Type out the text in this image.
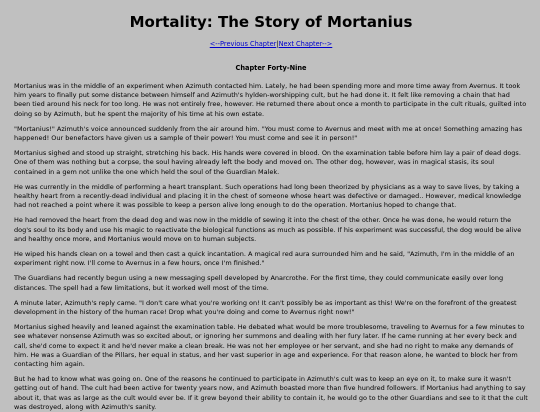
Mortality: The Story of Mortanius
<--Previous Chapter|Next Chapter-->
Chapter Forty-Nine

Mortanius was in the middle of an experiment when Azimuth contacted him. Lately, he had been spending more and more time away from Avernus. It took him years to finally put some distance between himself and Azimuth's hylden-worshipping cult, but he had done it. It felt like removing a chain that had been tied around his neck for too long. He was not entirely free, however. He returned there about once a month to participate in the cult rituals, guilted into doing so by Azimuth, but he spent the majority of his time at his own estate.

"Mortanius!" Azimuth's voice announced suddenly from the air around him. "You must come to Avernus and meet with me at once! Something amazing has happened! Our benefactors have given us a sample of their power! You must come and see it in person!"

Mortanius sighed and stood up straight, stretching his back. His hands were covered in blood. On the examination table before him lay a pair of dead dogs. One of them was nothing but a corpse, the soul having already left the body and moved on. The other dog, however, was in magical stasis, its soul contained in a gem not unlike the one which held the soul of the Guardian Malek.

He was currently in the middle of performing a heart transplant. Such operations had long been theorized by physicians as a way to save lives, by taking a healthy heart from a recently-dead individual and placing it in the chest of someone whose heart was defective or damaged.. However, medical knowledge had not reached a point where it was possible to keep a person alive long enough to do the operation. Mortanius hoped to change that.

He had removed the heart from the dead dog and was now in the middle of sewing it into the chest of the other. Once he was done, he would return the dog's soul to its body and use his magic to reactivate the biological functions as much as possible. If his experiment was successful, the dog would be alive and healthy once more, and Mortanius would move on to human subjects.

He wiped his hands clean on a towel and then cast a quick incantation. A magical red aura surrounded him and he said, "Azimuth, I'm in the middle of an experiment right now. I'll come to Avernus in a few hours, once I'm finished."

The Guardians had recently begun using a new messaging spell developed by Anarcrothe. For the first time, they could communicate easily over long distances. The spell had a few limitations, but it worked well most of the time.

A minute later, Azimuth's reply came. "I don't care what you're working on! It can't possibly be as important as this! We're on the forefront of the greatest development in the history of the human race! Drop what you're doing and come to Avernus right now!"

Mortanius sighed heavily and leaned against the examination table. He debated what would be more troublesome, traveling to Avernus for a few minutes to see whatever nonsense Azimuth was so excited about, or ignoring her summons and dealing with her fury later. If he came running at her every beck and call, she'd come to expect it and he'd never make a clean break. He was not her employee or her servant, and she had no right to make any demands of him. He was a Guardian of the Pillars, her equal in status, and her vast superior in age and experience. For that reason alone, he wanted to block her from contacting him again.

But he had to know what was going on. One of the reasons he continued to participate in Azimuth's cult was to keep an eye on it, to make sure it wasn't getting out of hand. The cult had been active for twenty years now, and Azimuth boasted more than five hundred followers. If Mortanius had anything to say about it, that was as large as the cult would ever be. If it grew beyond their ability to contain it, he would go to the other Guardians and see to it that the cult was destroyed, along with Azimuth's sanity.
